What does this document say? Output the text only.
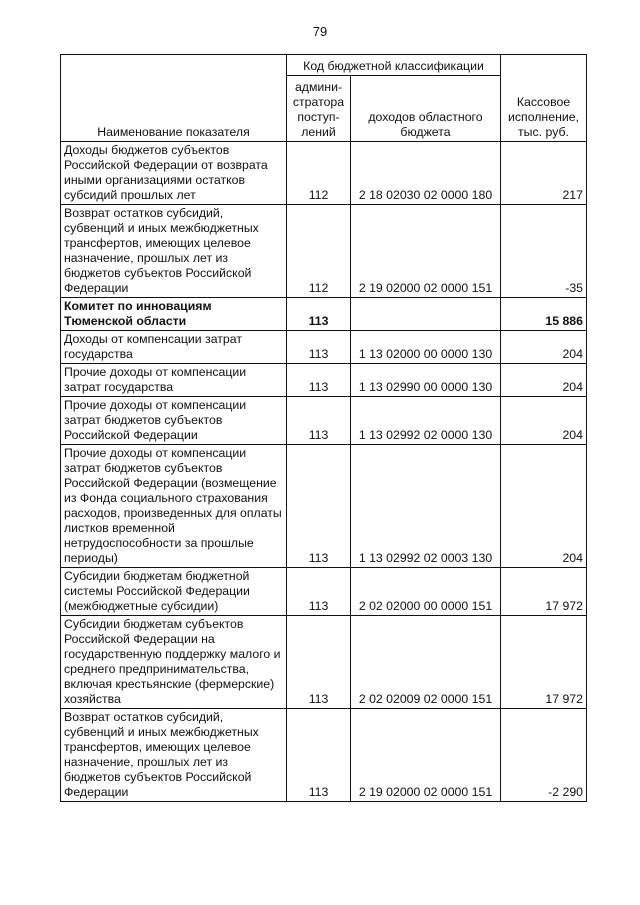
79
Наименование показателя	Код бюджетной классификации		Кассовое исполнение, тыс. руб.
	админи-стратора поступ-лений	доходов областного бюджета	
Доходы бюджетов субъектов Российской Федерации от возврата иными организациями остатков субсидий прошлых лет	112	2 18 02030 02 0000 180	217
Возврат остатков субсидий, субвенций и иных межбюджетных трансфертов, имеющих целевое назначение, прошлых лет из бюджетов субъектов Российской Федерации	112	2 19 02000 02 0000 151	-35
Комитет по инновациям Тюменской области	113		15 886
Доходы от компенсации затрат государства	113	1 13 02000 00 0000 130	204
Прочие доходы от компенсации затрат государства	113	1 13 02990 00 0000 130	204
Прочие доходы от компенсации затрат бюджетов субъектов Российской Федерации	113	1 13 02992 02 0000 130	204
Прочие доходы от компенсации затрат бюджетов субъектов Российской Федерации (возмещение из Фонда социального страхования расходов, произведенных для оплаты листков временной нетрудоспособности за прошлые периоды)	113	1 13 02992 02 0003 130	204
Субсидии бюджетам бюджетной системы Российской Федерации (межбюджетные субсидии)	113	2 02 02000 00 0000 151	17 972
Субсидии бюджетам субъектов Российской Федерации на государственную поддержку малого и среднего предпринимательства, включая крестьянские (фермерские) хозяйства	113	2 02 02009 02 0000 151	17 972
Возврат остатков субсидий, субвенций и иных межбюджетных трансфертов, имеющих целевое назначение, прошлых лет из бюджетов субъектов Российской Федерации	113	2 19 02000 02 0000 151	-2 290
